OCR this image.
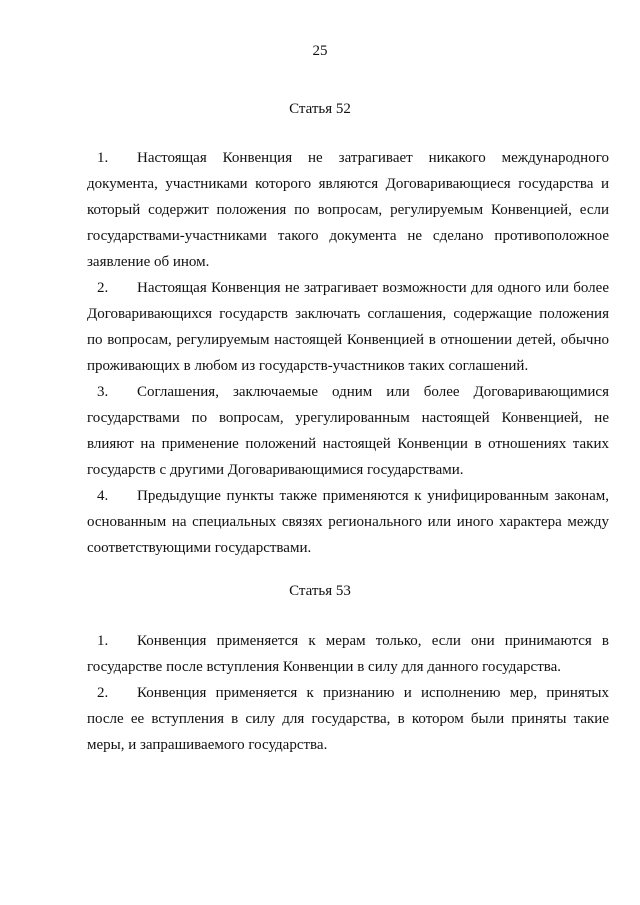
25
Статья 52

1. Настоящая Конвенция не затрагивает никакого международного документа, участниками которого являются Договаривающиеся государства и который содержит положения по вопросам, регулируемым Конвенцией, если государствами-участниками такого документа не сделано противоположное заявление об ином.

2. Настоящая Конвенция не затрагивает возможности для одного или более Договаривающихся государств заключать соглашения, содержащие положения по вопросам, регулируемым настоящей Конвенцией в отношении детей, обычно проживающих в любом из государств-участников таких соглашений.

3. Соглашения, заключаемые одним или более Договаривающимися государствами по вопросам, урегулированным настоящей Конвенцией, не влияют на применение положений настоящей Конвенции в отношениях таких государств с другими Договаривающимися государствами.

4. Предыдущие пункты также применяются к унифицированным законам, основанным на специальных связях регионального или иного характера между соответствующими государствами.

Статья 53

1. Конвенция применяется к мерам только, если они принимаются в государстве после вступления Конвенции в силу для данного государства.

2. Конвенция применяется к признанию и исполнению мер, принятых после ее вступления в силу для государства, в котором были приняты такие меры, и запрашиваемого государства.
